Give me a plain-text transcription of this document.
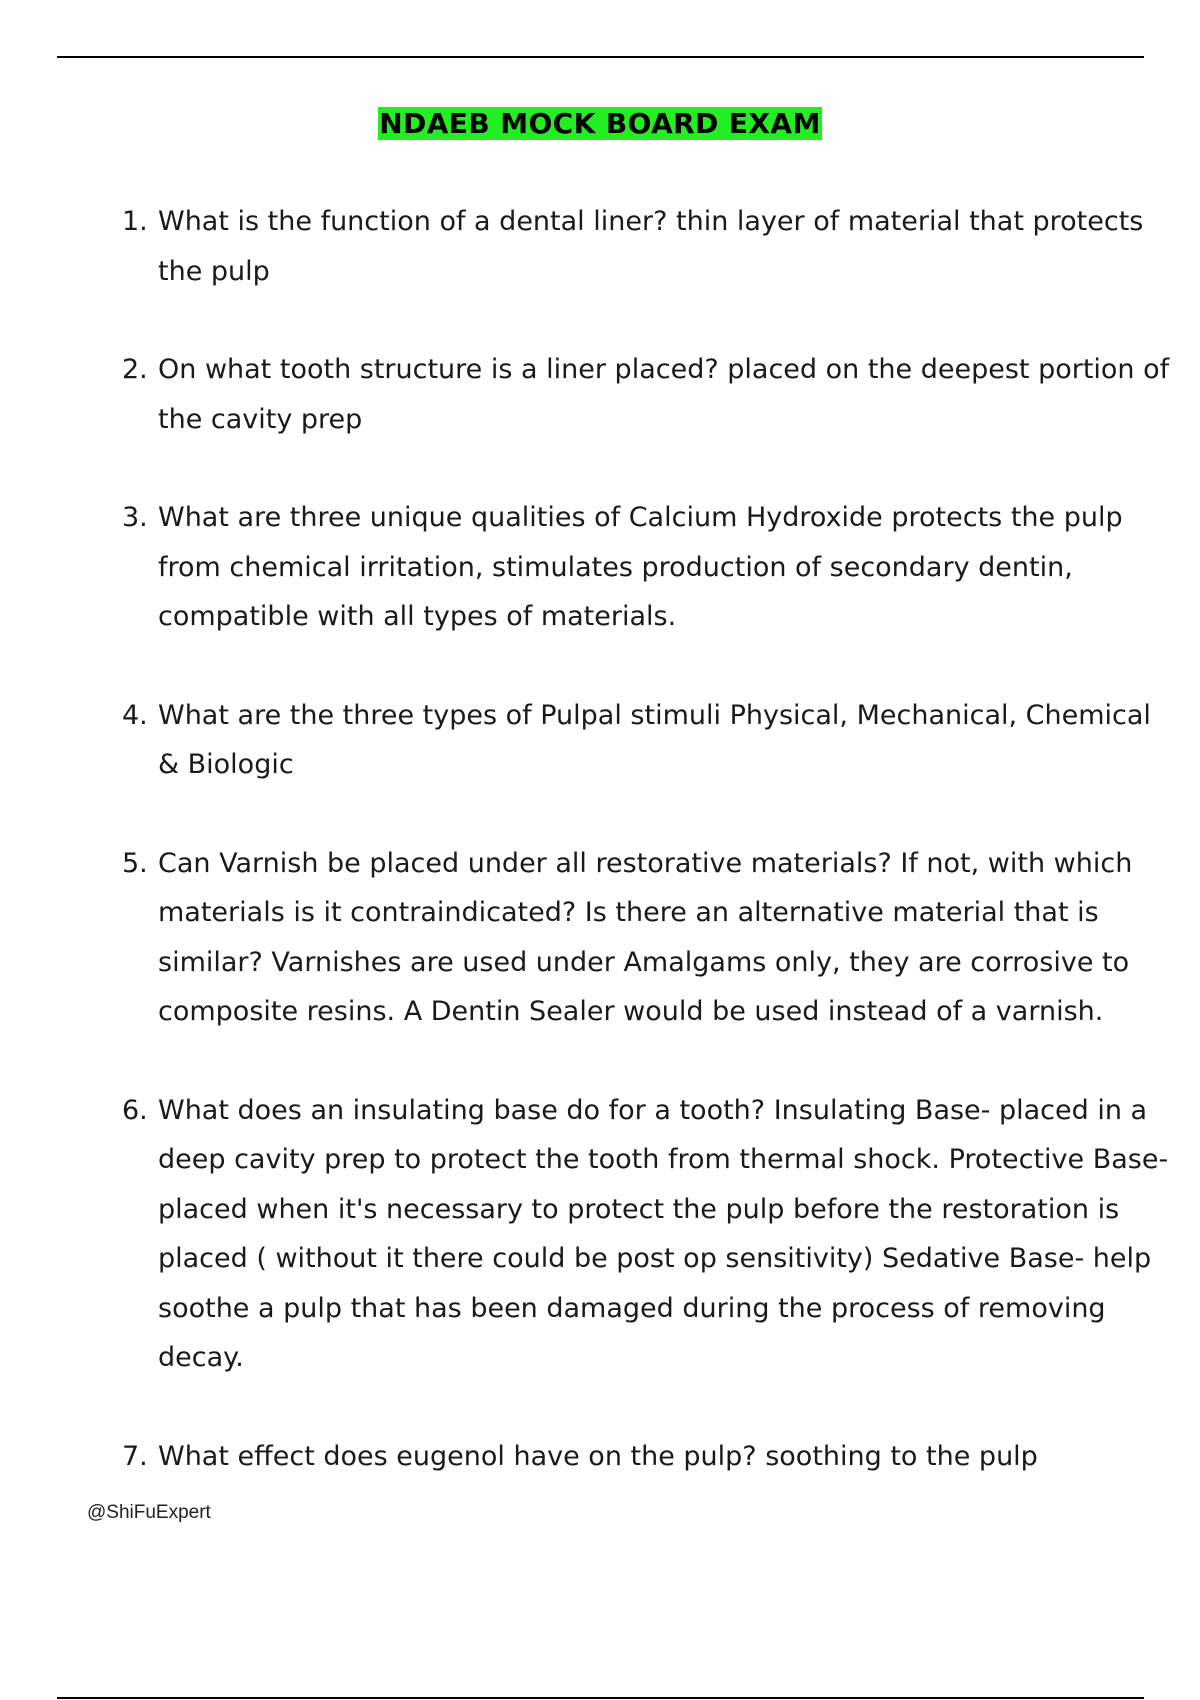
NDAEB MOCK BOARD EXAM
1. What is the function of a dental liner? thin layer of material that protects the pulp
2. On what tooth structure is a liner placed? placed on the deepest portion of the cavity prep
3. What are three unique qualities of Calcium Hydroxide protects the pulp from chemical irritation, stimulates production of secondary dentin, compatible with all types of materials.
4. What are the three types of Pulpal stimuli Physical, Mechanical, Chemical & Biologic
5. Can Varnish be placed under all restorative materials? If not, with which materials is it contraindicated? Is there an alternative material that is similar? Varnishes are used under Amalgams only, they are corrosive to composite resins. A Dentin Sealer would be used instead of a varnish.
6. What does an insulating base do for a tooth? Insulating Base- placed in a deep cavity prep to protect the tooth from thermal shock. Protective Base- placed when it's necessary to protect the pulp before the restoration is placed ( without it there could be post op sensitivity) Sedative Base- help soothe a pulp that has been damaged during the process of removing decay.
7. What effect does eugenol have on the pulp? soothing to the pulp
@ShiFuExpert
